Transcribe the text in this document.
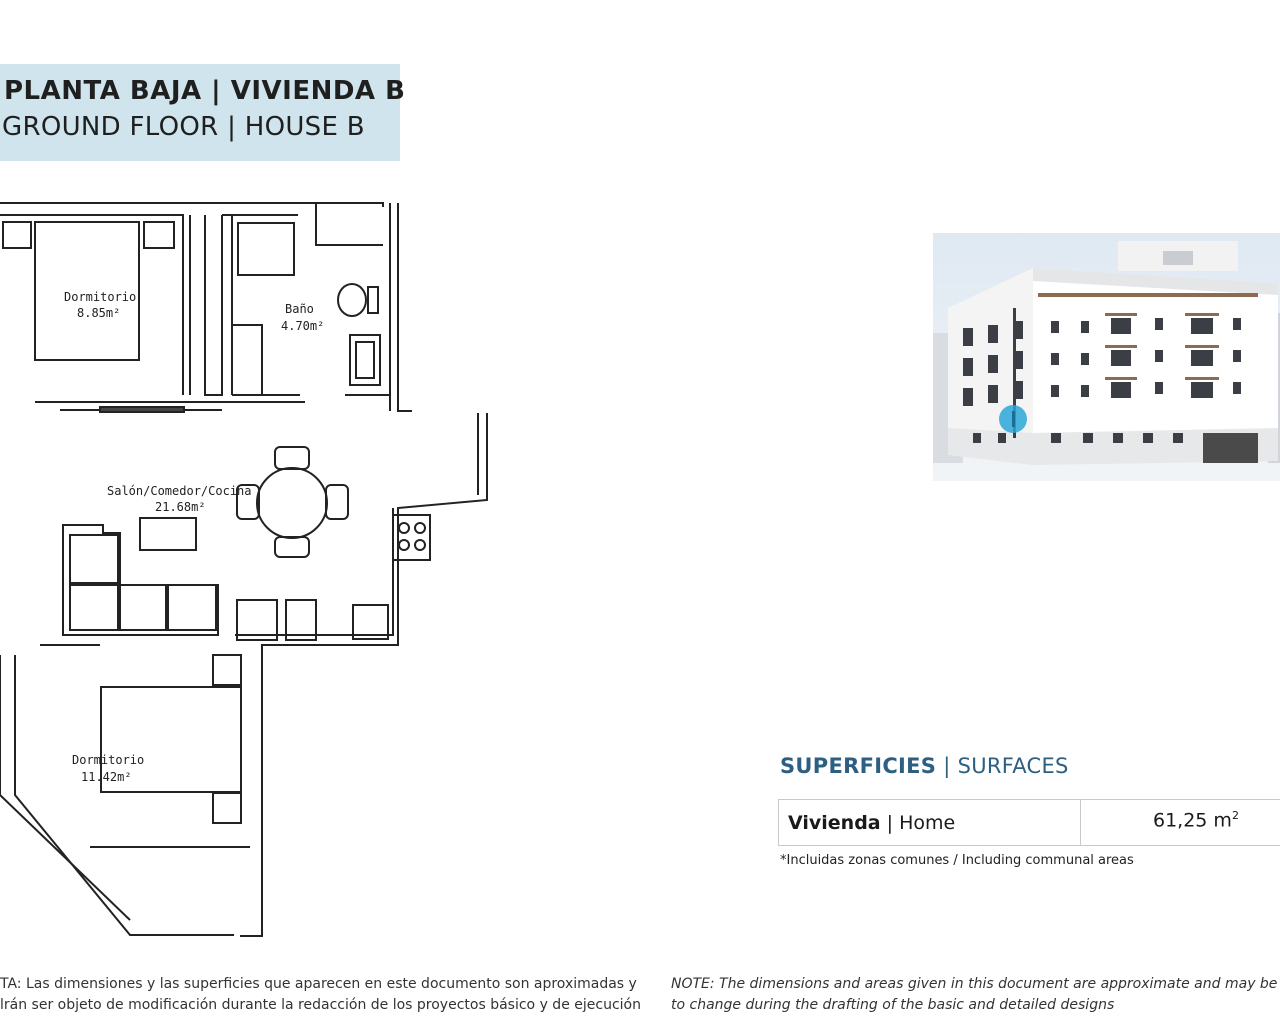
PLANTA BAJA | VIVIENDA B
GROUND FLOOR | HOUSE B
Dormitorio
8.85m²	Baño
4.70m²
Salón/Comedor/Cocina
21.68m²
Dormitorio
11.42m²	SUPERFICIES | SURFACES
Vivienda | Home	61,25 $m^2$
*Incluidas zonas comunes / Including communal areas
TA: Las dimensiones y las superficies que aparecen en este documento son aproximadas y
lrán ser objeto de modificación durante la redacción de los proyectos básico y de ejecución
NOTE: The dimensions and areas given in this document are approximate and may be
to change during the drafting of the basic and detailed designs
